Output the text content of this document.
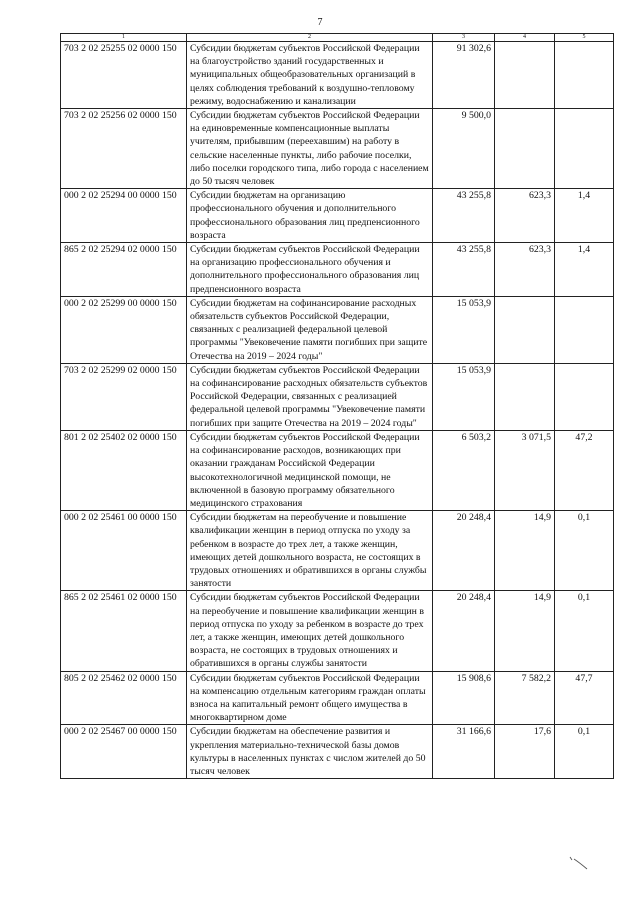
7
1	2	3	4	5
703 2 02 25255 02 0000 150	Субсидии бюджетам субъектов Российской Федерации на благоустройство зданий государственных и муниципальных общеобразовательных организаций в целях соблюдения требований к воздушно-тепловому режиму, водоснабжению и канализации	91 302,6		
703 2 02 25256 02 0000 150	Субсидии бюджетам субъектов Российской Федерации на единовременные компенсационные выплаты учителям, прибывшим (переехавшим) на работу в сельские населенные пункты, либо рабочие поселки, либо поселки городского типа, либо города с населением до 50 тысяч человек	9 500,0		
000 2 02 25294 00 0000 150	Субсидии бюджетам на организацию профессионального обучения и дополнительного профессионального образования лиц предпенсионного возраста	43 255,8	623,3	1,4
865 2 02 25294 02 0000 150	Субсидии бюджетам субъектов Российской Федерации на организацию профессионального обучения и дополнительного профессионального образования лиц предпенсионного возраста	43 255,8	623,3	1,4
000 2 02 25299 00 0000 150	Субсидии бюджетам на софинансирование расходных обязательств субъектов Российской Федерации, связанных с реализацией федеральной целевой программы "Увековечение памяти погибших при защите Отечества на 2019 – 2024 годы"	15 053,9		
703 2 02 25299 02 0000 150	Субсидии бюджетам субъектов Российской Федерации на софинансирование расходных обязательств субъектов Российской Федерации, связанных с реализацией федеральной целевой программы "Увековечение памяти погибших при защите Отечества на 2019 – 2024 годы"	15 053,9		
801 2 02 25402 02 0000 150	Субсидии бюджетам субъектов Российской Федерации на софинансирование расходов, возникающих при оказании гражданам Российской Федерации высокотехнологичной медицинской помощи, не включенной в базовую программу обязательного медицинского страхования	6 503,2	3 071,5	47,2
000 2 02 25461 00 0000 150	Субсидии бюджетам на переобучение и повышение квалификации женщин в период отпуска по уходу за ребенком в возрасте до трех лет, а также женщин, имеющих детей дошкольного возраста, не состоящих в трудовых отношениях и обратившихся в органы службы занятости	20 248,4	14,9	0,1
865 2 02 25461 02 0000 150	Субсидии бюджетам субъектов Российской Федерации на переобучение и повышение квалификации женщин в период отпуска по уходу за ребенком в возрасте до трех лет, а также женщин, имеющих детей дошкольного возраста, не состоящих в трудовых отношениях и обратившихся в органы службы занятости	20 248,4	14,9	0,1
805 2 02 25462 02 0000 150	Субсидии бюджетам субъектов Российской Федерации на компенсацию отдельным категориям граждан оплаты взноса на капитальный ремонт общего имущества в многоквартирном доме	15 908,6	7 582,2	47,7
000 2 02 25467 00 0000 150	Субсидии бюджетам на обеспечение развития и укрепления материально-технической базы домов культуры в населенных пунктах с числом жителей до 50 тысяч человек	31 166,6	17,6	0,1
